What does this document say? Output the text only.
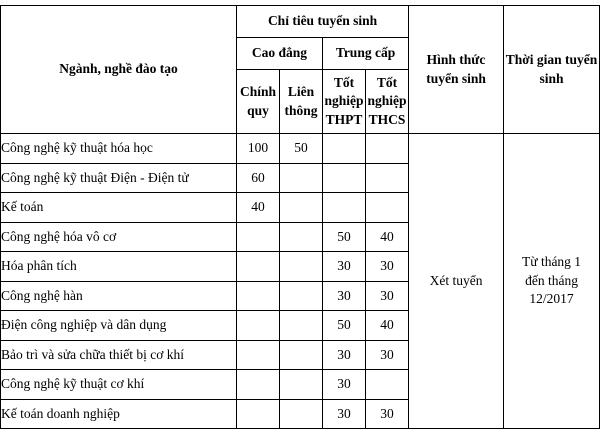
Ngành, nghề đào tạo	Chỉ tiêu tuyển sinh				Hình thức tuyển sinh	Thời gian tuyển sinh
	Cao đẳng		Trung cấp			
	Chính quy	Liên thông	Tốt nghiệp THPT	Tốt nghiệp THCS		
Công nghệ kỹ thuật hóa học	100	50			Xét tuyển	Từ tháng 1 đến tháng 12/2017

Công nghệ kỹ thuật Điện - Điện tử	60					
Kế toán	40					
Công nghệ hóa vô cơ			50	40		
Hóa phân tích			30	30		
Công nghệ hàn			30	30		
Điện công nghiệp và dân dụng			50	40		
Bảo trì và sửa chữa thiết bị cơ khí			30	30		
Công nghệ kỹ thuật cơ khí			30			
Kế toán doanh nghiệp			30	30		
